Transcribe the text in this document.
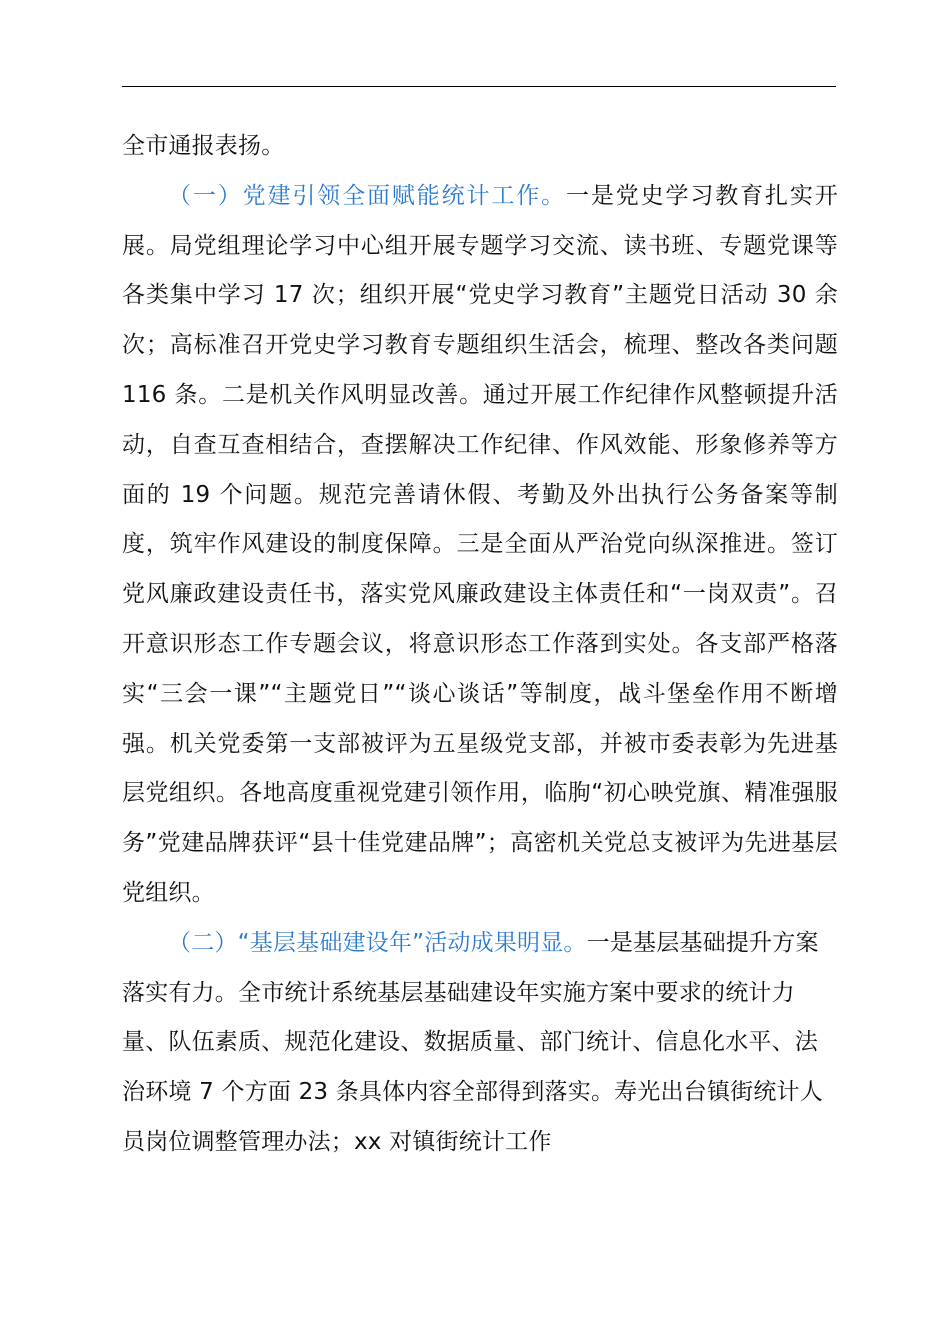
全市通报表扬。

（一）党建引领全面赋能统计工作。一是党史学习教育扎实开展。局党组理论学习中心组开展专题学习交流、读书班、专题党课等各类集中学习 17 次；组织开展“党史学习教育”主题党日活动 30 余次；高标准召开党史学习教育专题组织生活会，梳理、整改各类问题 116 条。二是机关作风明显改善。通过开展工作纪律作风整顿提升活动，自查互查相结合，查摆解决工作纪律、作风效能、形象修养等方面的 19 个问题。规范完善请休假、考勤及外出执行公务备案等制度，筑牢作风建设的制度保障。三是全面从严治党向纵深推进。签订党风廉政建设责任书，落实党风廉政建设主体责任和“一岗双责”。召开意识形态工作专题会议，将意识形态工作落到实处。各支部严格落实“三会一课”“主题党日”“谈心谈话”等制度，战斗堡垒作用不断增强。机关党委第一支部被评为五星级党支部，并被市委表彰为先进基层党组织。各地高度重视党建引领作用，临朐“初心映党旗、精准强服务”党建品牌获评“县十佳党建品牌”；高密机关党总支被评为先进基层党组织。

（二）“基层基础建设年”活动成果明显。一是基层基础提升方案落实有力。全市统计系统基层基础建设年实施方案中要求的统计力量、队伍素质、规范化建设、数据质量、部门统计、信息化水平、法治环境 7 个方面 23 条具体内容全部得到落实。寿光出台镇街统计人员岗位调整管理办法；xx 对镇街统计工作
